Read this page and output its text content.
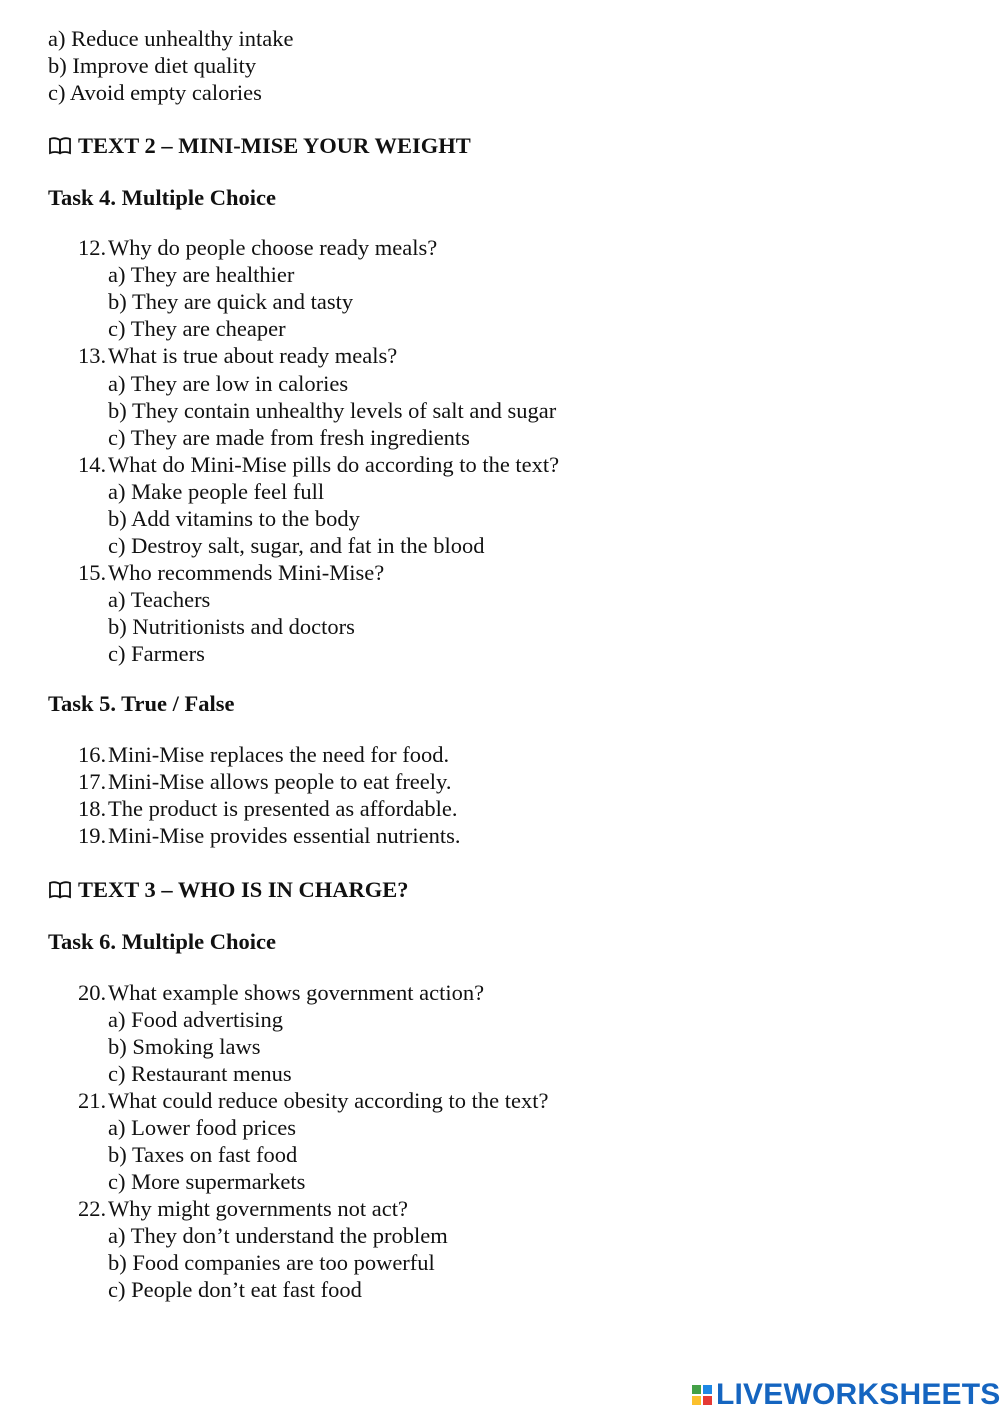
a) Reduce unhealthy intake
b) Improve diet quality
c) Avoid empty calories
TEXT 2 – MINI-MISE YOUR WEIGHT
Task 4. Multiple Choice
12. Why do people choose ready meals?
a) They are healthier
b) They are quick and tasty
c) They are cheaper
13. What is true about ready meals?
a) They are low in calories
b) They contain unhealthy levels of salt and sugar
c) They are made from fresh ingredients
14. What do Mini-Mise pills do according to the text?
a) Make people feel full
b) Add vitamins to the body
c) Destroy salt, sugar, and fat in the blood
15. Who recommends Mini-Mise?
a) Teachers
b) Nutritionists and doctors
c) Farmers
Task 5. True / False
16. Mini-Mise replaces the need for food.
17. Mini-Mise allows people to eat freely.
18. The product is presented as affordable.
19. Mini-Mise provides essential nutrients.
TEXT 3 – WHO IS IN CHARGE?
Task 6. Multiple Choice
20. What example shows government action?
a) Food advertising
b) Smoking laws
c) Restaurant menus
21. What could reduce obesity according to the text?
a) Lower food prices
b) Taxes on fast food
c) More supermarkets
22. Why might governments not act?
a) They don’t understand the problem
b) Food companies are too powerful
c) People don’t eat fast food
LIVEWORKSHEETS
